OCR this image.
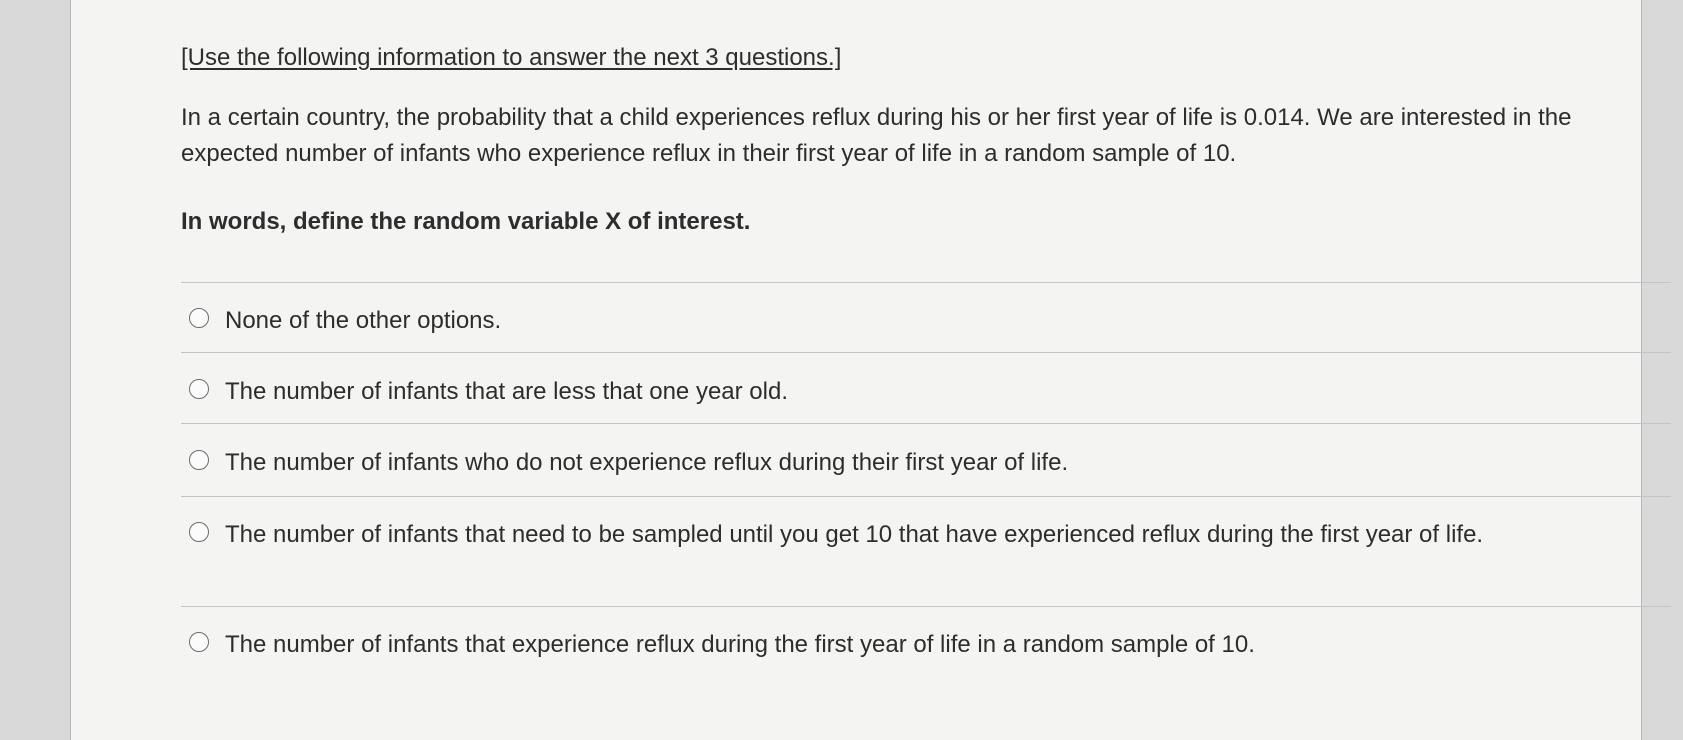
[Use the following information to answer the next 3 questions.]
In a certain country, the probability that a child experiences reflux during his or her first year of life is 0.014. We are interested in the expected number of infants who experience reflux in their first year of life in a random sample of 10.
In words, define the random variable X of interest.
None of the other options.
The number of infants that are less that one year old.
The number of infants who do not experience reflux during their first year of life.
The number of infants that need to be sampled until you get 10 that have experienced reflux during the first year of life.
The number of infants that experience reflux during the first year of life in a random sample of 10.
